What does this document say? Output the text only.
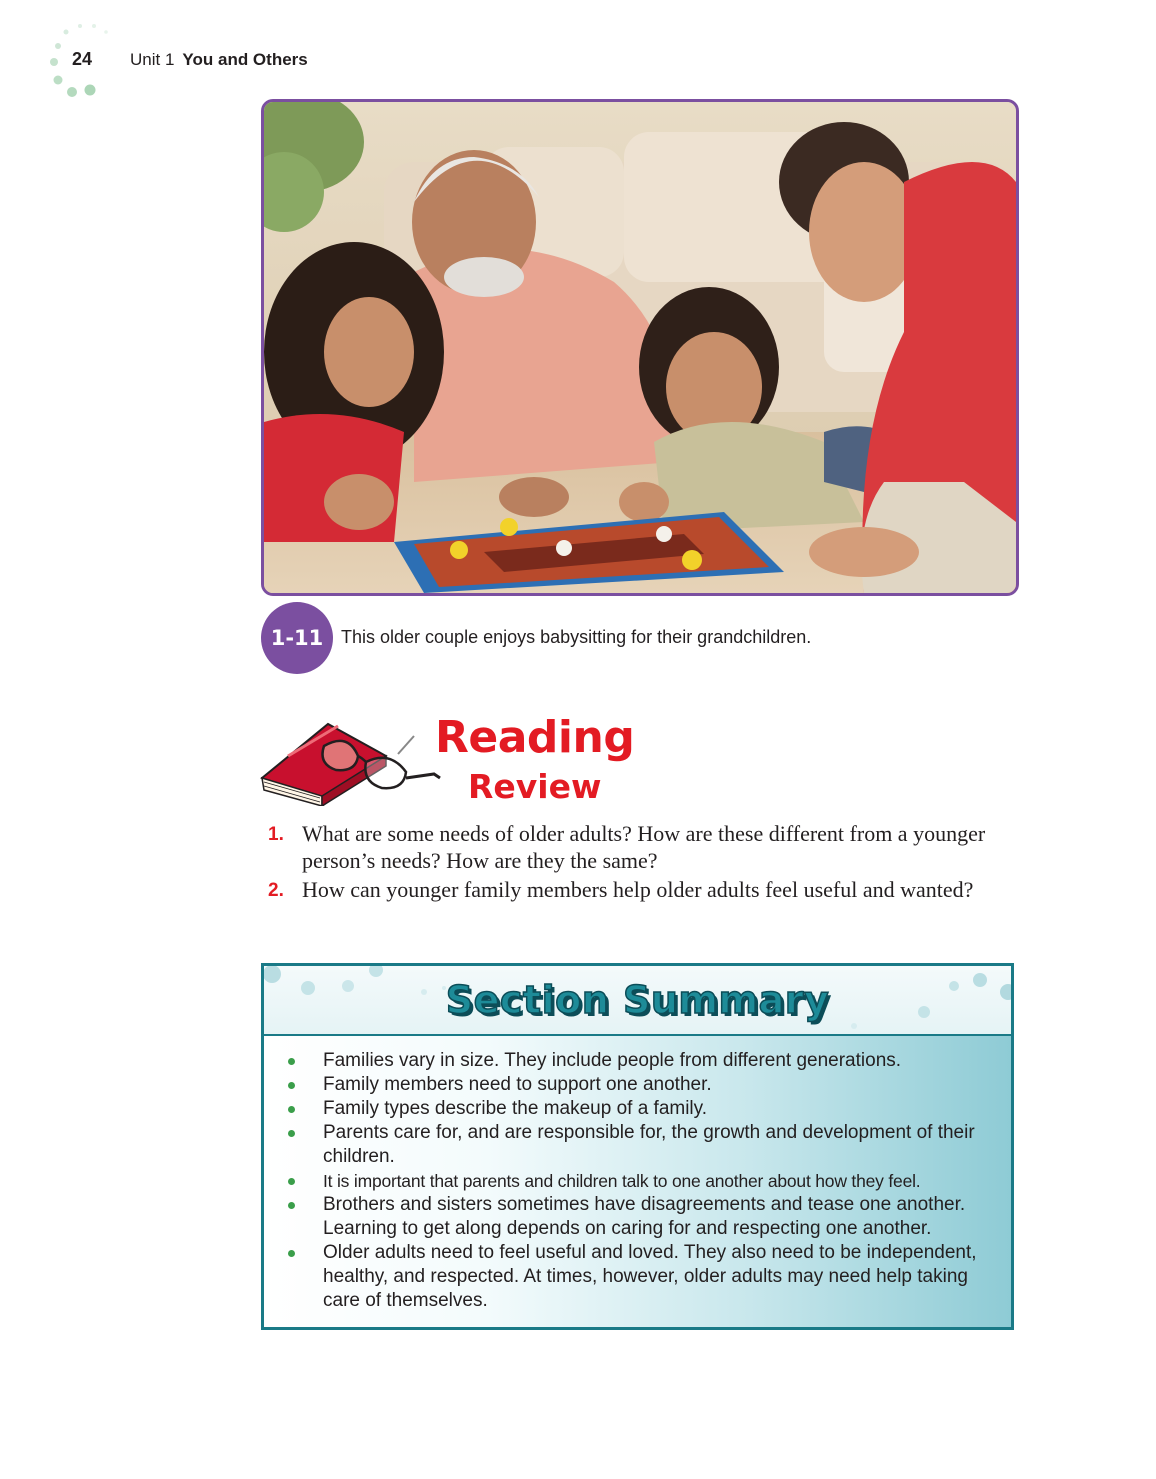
24 Unit 1 You and Others
1-11 This older couple enjoys babysitting for their grandchildren.
Reading
Review
1. What are some needs of older adults? How are these different from a younger person’s needs? How are they the same?
2. How can younger family members help older adults feel useful and wanted?
Section Summary
Families vary in size. They include people from different generations.
Family members need to support one another.
Family types describe the makeup of a family.
Parents care for, and are responsible for, the growth and development of their children.
It is important that parents and children talk to one another about how they feel.
Brothers and sisters sometimes have disagreements and tease one another. Learning to get along depends on caring for and respecting one another.
Older adults need to feel useful and loved. They also need to be independent, healthy, and respected. At times, however, older adults may need help taking care of themselves.
